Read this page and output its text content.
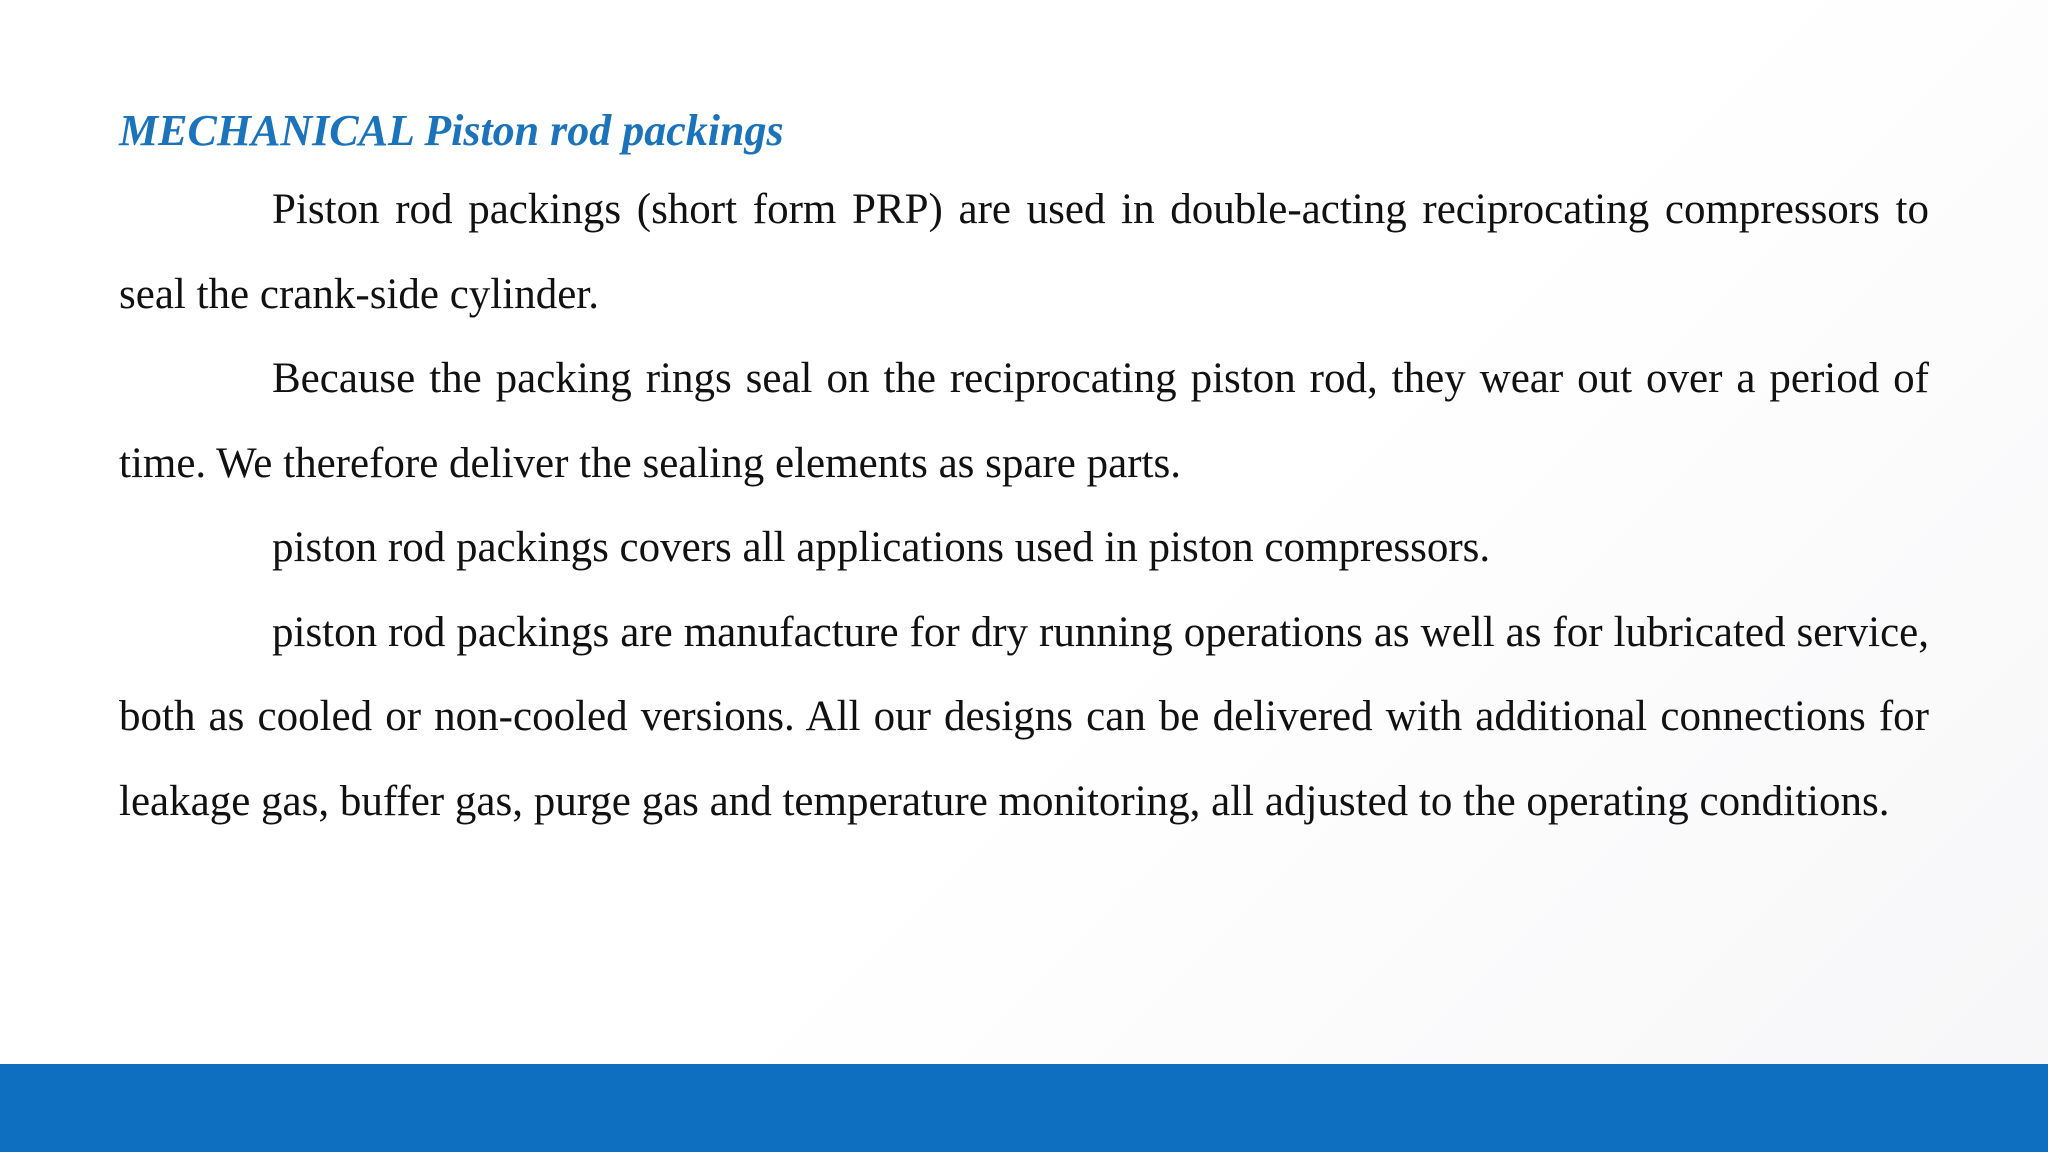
MECHANICAL Piston rod packings

Piston rod packings (short form PRP) are used in double-acting reciprocating compressors to seal the crank-side cylinder.

Because the packing rings seal on the reciprocating piston rod, they wear out over a period of time. We therefore deliver the sealing elements as spare parts.

piston rod packings covers all applications used in piston compressors.

piston rod packings are manufacture for dry running operations as well as for lubricated service, both as cooled or non-cooled versions. All our designs can be delivered with additional connections for leakage gas, buffer gas, purge gas and temperature monitoring, all adjusted to the operating conditions.
